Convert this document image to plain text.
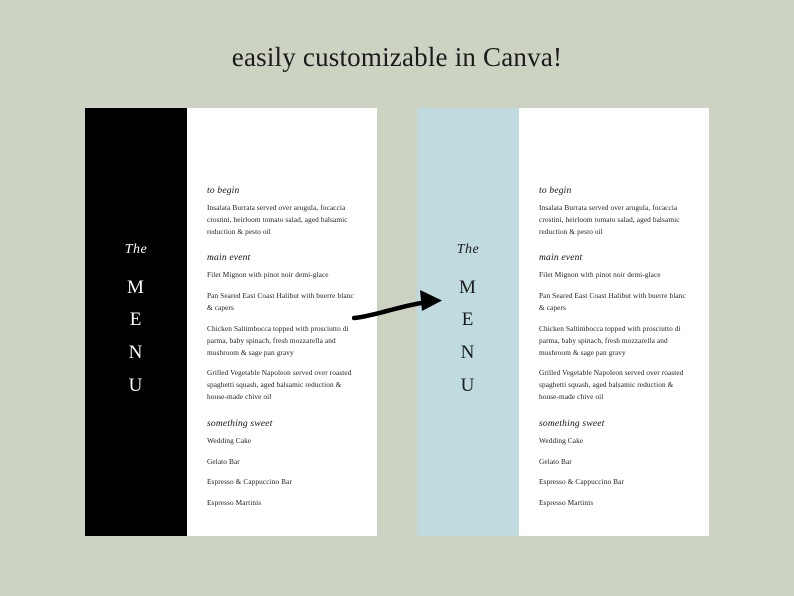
easily customizable in Canva!
The
M
E
N
U
to begin

Insalata Burrata served over arugula, focaccia crostini, heirloom tomato salad, aged balsamic reduction & pesto oil

main event

Filet Mignon with pinot noir demi-glace

Pan Seared East Coast Halibut with buerre blanc & capers

Chicken Saltimbocca topped with prosciutto di parma, baby spinach, fresh mozzarella and mushroom & sage pan gravy

Grilled Vegetable Napoleon served over roasted spaghetti squash, aged balsamic reduction & house-made chive oil

something sweet

Wedding Cake

Gelato Bar

Espresso & Cappuccino Bar

Espresso Martinis

The
M
E
N
U
to begin

Insalata Burrata served over arugula, focaccia crostini, heirloom tomato salad, aged balsamic reduction & pesto oil

main event

Filet Mignon with pinot noir demi-glace

Pan Seared East Coast Halibut with buerre blanc & capers

Chicken Saltimbocca topped with prosciutto di parma, baby spinach, fresh mozzarella and mushroom & sage pan gravy

Grilled Vegetable Napoleon served over roasted spaghetti squash, aged balsamic reduction & house-made chive oil

something sweet

Wedding Cake

Gelato Bar

Espresso & Cappuccino Bar

Espresso Martinis
